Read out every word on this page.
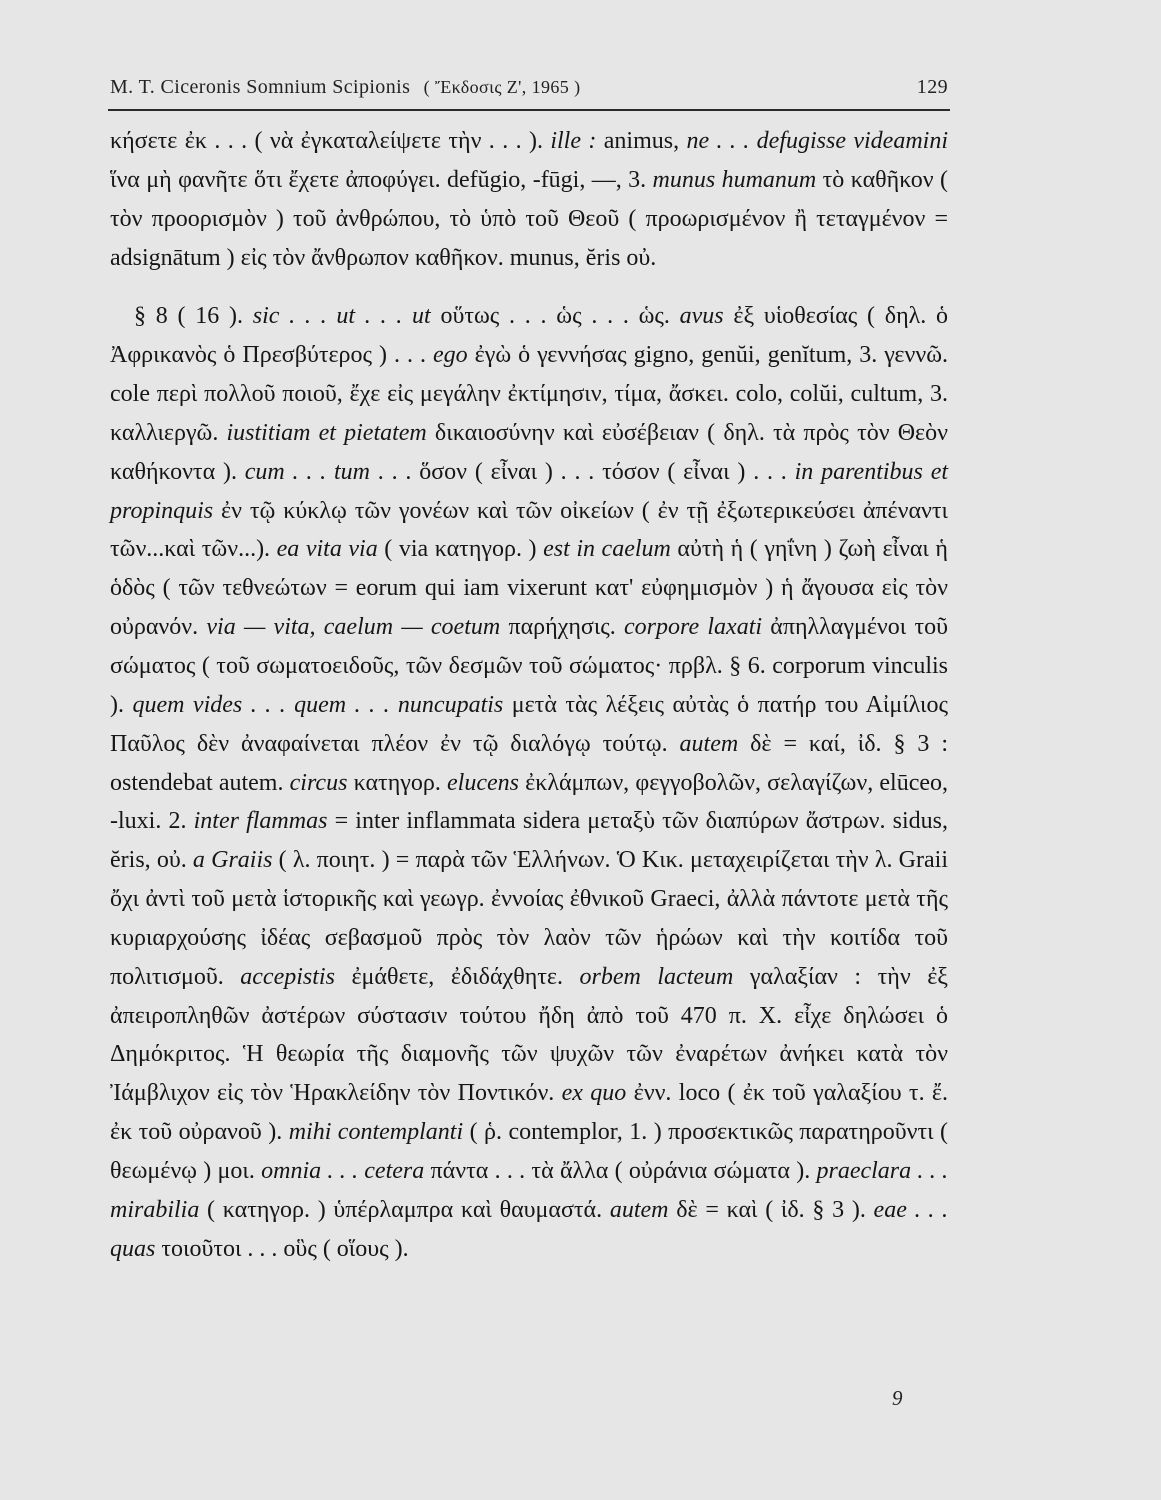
M. T. Ciceronis Somnium Scipionis ( Ἔκδοσις Ζ', 1965 )	129

κήσετε ἐκ . . . ( νὰ ἐγκαταλείψετε τὴν . . . ). ille : animus, ne . . . defugisse videamini ἵνα μὴ φανῆτε ὅτι ἔχετε ἀποφύγει. defŭgio, -fūgi, —, 3. munus humanum τὸ καθῆκον ( τὸν προορισμὸν ) τοῦ ἀνθρώπου, τὸ ὑπὸ τοῦ Θεοῦ ( προωρισμένον ἢ τεταγμένον = adsignātum ) εἰς τὸν ἄνθρωπον καθῆκον. munus, ĕris οὐ.

§ 8 ( 16 ). sic . . . ut . . . ut οὕτως . . . ὡς . . . ὡς. avus ἐξ υἱοθεσίας ( δηλ. ὁ Ἀφρικανὸς ὁ Πρεσβύτερος ) . . . ego ἐγὼ ὁ γεννήσας gigno, genŭi, genĭtum, 3. γεννῶ. cole περὶ πολλοῦ ποιοῦ, ἔχε εἰς μεγάλην ἐκτίμησιν, τίμα, ἄσκει. colo, colŭi, cultum, 3. καλλιεργῶ. iustitiam et pietatem δικαιοσύνην καὶ εὐσέβειαν ( δηλ. τὰ πρὸς τὸν Θεὸν καθήκοντα ). cum . . . tum . . . ὅσον ( εἶναι ) . . . τόσον ( εἶναι ) . . . in parentibus et propinquis ἐν τῷ κύκλῳ τῶν γονέων καὶ τῶν οἰκείων ( ἐν τῇ ἐξωτερικεύσει ἀπέναντι τῶν...καὶ τῶν...). ea vita via ( via κατηγορ. ) est in caelum αὐτὴ ἡ ( γηΐνη ) ζωὴ εἶναι ἡ ὁδὸς ( τῶν τεθνεώτων = eorum qui iam vixerunt κατ' εὐφημισμὸν ) ἡ ἄγουσα εἰς τὸν οὐρανόν. via — vita, caelum — coetum παρήχησις. corpore laxati ἀπηλλαγμένοι τοῦ σώματος ( τοῦ σωματοειδοῦς, τῶν δεσμῶν τοῦ σώματος· πρβλ. § 6. corporum vinculis ). quem vides . . . quem . . . nuncupatis μετὰ τὰς λέξεις αὐτὰς ὁ πατήρ του Αἰμίλιος Παῦλος δὲν ἀναφαίνεται πλέον ἐν τῷ διαλόγῳ τούτῳ. autem δὲ = καί, ἰδ. § 3 : ostendebat autem. circus κατηγορ. elucens ἐκλάμπων, φεγγοβολῶν, σελαγίζων, elūceo, -luxi. 2. inter flammas = inter inflammata sidera μεταξὺ τῶν διαπύρων ἄστρων. sidus, ĕris, οὐ. a Graiis ( λ. ποιητ. ) = παρὰ τῶν Ἑλλήνων. Ὁ Κικ. μεταχειρίζεται τὴν λ. Graii ὄχι ἀντὶ τοῦ μετὰ ἱστορικῆς καὶ γεωγρ. ἐννοίας ἐθνικοῦ Graeci, ἀλλὰ πάντοτε μετὰ τῆς κυριαρχούσης ἰδέας σεβασμοῦ πρὸς τὸν λαὸν τῶν ἡρώων καὶ τὴν κοιτίδα τοῦ πολιτισμοῦ. accepistis ἐμάθετε, ἐδιδάχθητε. orbem lacteum γαλαξίαν : τὴν ἐξ ἀπειροπληθῶν ἀστέρων σύστασιν τούτου ἤδη ἀπὸ τοῦ 470 π. Χ. εἶχε δηλώσει ὁ Δημόκριτος. Ἡ θεωρία τῆς διαμονῆς τῶν ψυχῶν τῶν ἐναρέτων ἀνήκει κατὰ τὸν Ἰάμβλιχον εἰς τὸν Ἡρακλείδην τὸν Ποντικόν. ex quo ἐνν. loco ( ἐκ τοῦ γαλαξίου τ. ἔ. ἐκ τοῦ οὐρανοῦ ). mihi contemplanti ( ῥ. contemplor, 1. ) προσεκτικῶς παρατηροῦντι ( θεωμένῳ ) μοι. omnia . . . cetera πάντα . . . τὰ ἄλλα ( οὐράνια σώματα ). praeclara . . . mirabilia ( κατηγορ. ) ὑπέρλαμπρα καὶ θαυμαστά. autem δὲ = καὶ ( ἰδ. § 3 ). eae . . . quas τοιοῦτοι . . . οὓς ( οἵους ).

9
